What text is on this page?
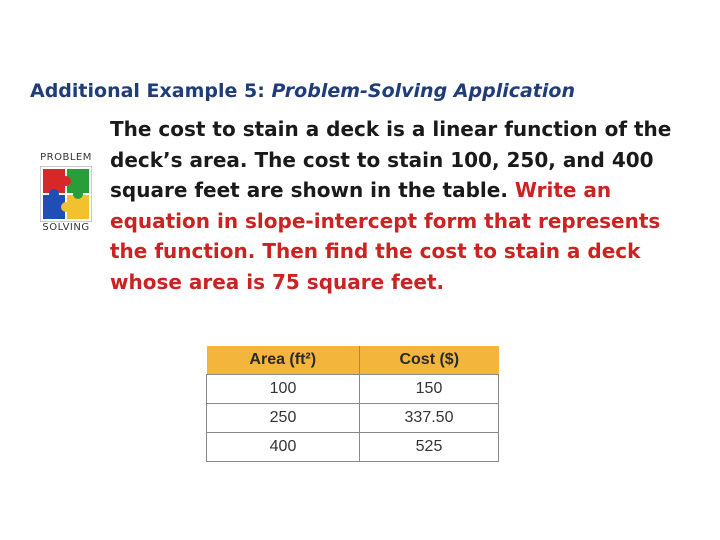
Additional Example 5: Problem-Solving Application
PROBLEM
SOLVING
The cost to stain a deck is a linear function of the deck’s area. The cost to stain 100, 250, and 400 square feet are shown in the table. Write an equation in slope-intercept form that represents the function. Then find the cost to stain a deck whose area is 75 square feet.
Area (ft²)	Cost ($)
100	150
250	337.50
400	525
